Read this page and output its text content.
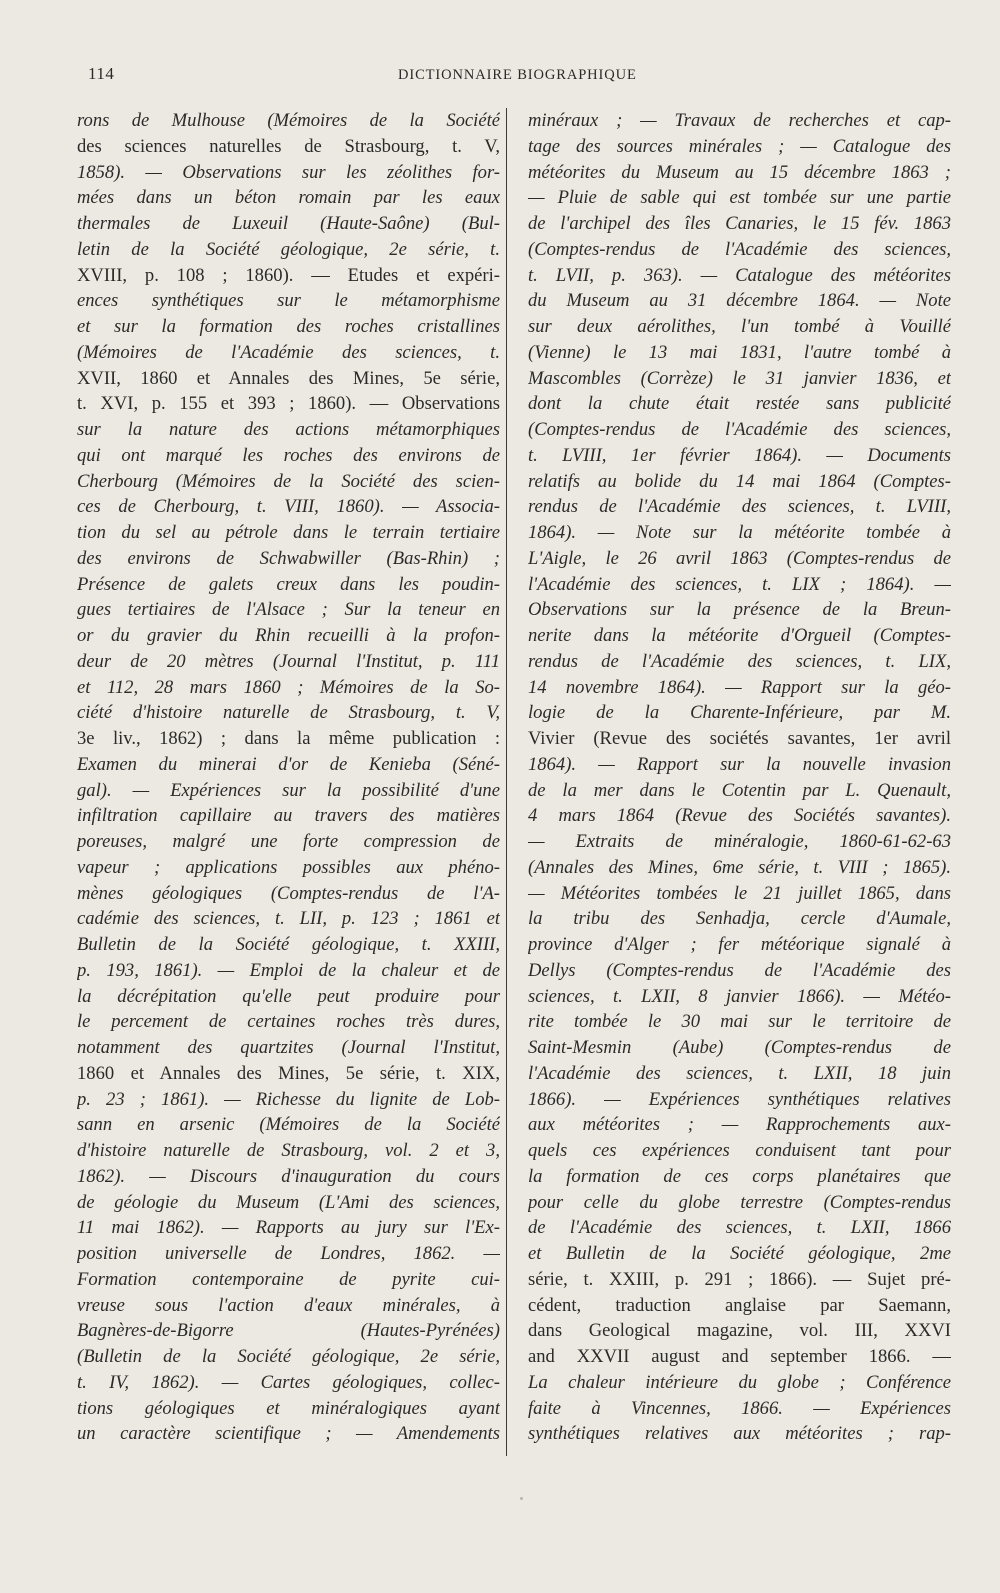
114	DICTIONNAIRE BIOGRAPHIQUE
rons de Mulhouse (Mémoires de la Société
des sciences naturelles de Strasbourg, t. V,
1858). — Observations sur les zéolithes for-
mées dans un béton romain par les eaux
thermales de Luxeuil (Haute-Saône) (Bul-
letin de la Société géologique, 2e série, t.
XVIII, p. 108 ; 1860). — Etudes et expéri-
ences synthétiques sur le métamorphisme
et sur la formation des roches cristallines
(Mémoires de l'Académie des sciences, t.
XVII, 1860 et Annales des Mines, 5e série,
t. XVI, p. 155 et 393 ; 1860). — Observations
sur la nature des actions métamorphiques
qui ont marqué les roches des environs de
Cherbourg (Mémoires de la Société des scien-
ces de Cherbourg, t. VIII, 1860). — Associa-
tion du sel au pétrole dans le terrain tertiaire
des environs de Schwabwiller (Bas-Rhin) ;
Présence de galets creux dans les poudin-
gues tertiaires de l'Alsace ; Sur la teneur en
or du gravier du Rhin recueilli à la profon-
deur de 20 mètres (Journal l'Institut, p. 111
et 112, 28 mars 1860 ; Mémoires de la So-
ciété d'histoire naturelle de Strasbourg, t. V,
3e liv., 1862) ; dans la même publication :
Examen du minerai d'or de Kenieba (Séné-
gal). — Expériences sur la possibilité d'une
infiltration capillaire au travers des matières
poreuses, malgré une forte compression de
vapeur ; applications possibles aux phéno-
mènes géologiques (Comptes-rendus de l'A-
cadémie des sciences, t. LII, p. 123 ; 1861 et
Bulletin de la Société géologique, t. XXIII,
p. 193, 1861). — Emploi de la chaleur et de
la décrépitation qu'elle peut produire pour
le percement de certaines roches très dures,
notamment des quartzites (Journal l'Institut,
1860 et Annales des Mines, 5e série, t. XIX,
p. 23 ; 1861). — Richesse du lignite de Lob-
sann en arsenic (Mémoires de la Société
d'histoire naturelle de Strasbourg, vol. 2 et 3,
1862). — Discours d'inauguration du cours
de géologie du Museum (L'Ami des sciences,
11 mai 1862). — Rapports au jury sur l'Ex-
position universelle de Londres, 1862. —
Formation contemporaine de pyrite cui-
vreuse sous l'action d'eaux minérales, à
Bagnères-de-Bigorre (Hautes-Pyrénées)
(Bulletin de la Société géologique, 2e série,
t. IV, 1862). — Cartes géologiques, collec-
tions géologiques et minéralogiques ayant
un caractère scientifique ; — Amendements
minéraux ; — Travaux de recherches et cap-
tage des sources minérales ; — Catalogue des
météorites du Museum au 15 décembre 1863 ;
— Pluie de sable qui est tombée sur une partie
de l'archipel des îles Canaries, le 15 fév. 1863
(Comptes-rendus de l'Académie des sciences,
t. LVII, p. 363). — Catalogue des météorites
du Museum au 31 décembre 1864. — Note
sur deux aérolithes, l'un tombé à Vouillé
(Vienne) le 13 mai 1831, l'autre tombé à
Mascombles (Corrèze) le 31 janvier 1836, et
dont la chute était restée sans publicité
(Comptes-rendus de l'Académie des sciences,
t. LVIII, 1er février 1864). — Documents
relatifs au bolide du 14 mai 1864 (Comptes-
rendus de l'Académie des sciences, t. LVIII,
1864). — Note sur la météorite tombée à
L'Aigle, le 26 avril 1863 (Comptes-rendus de
l'Académie des sciences, t. LIX ; 1864). —
Observations sur la présence de la Breun-
nerite dans la météorite d'Orgueil (Comptes-
rendus de l'Académie des sciences, t. LIX,
14 novembre 1864). — Rapport sur la géo-
logie de la Charente-Inférieure, par M.
Vivier (Revue des sociétés savantes, 1er avril
1864). — Rapport sur la nouvelle invasion
de la mer dans le Cotentin par L. Quenault,
4 mars 1864 (Revue des Sociétés savantes).
— Extraits de minéralogie, 1860-61-62-63
(Annales des Mines, 6me série, t. VIII ; 1865).
— Météorites tombées le 21 juillet 1865, dans
la tribu des Senhadja, cercle d'Aumale,
province d'Alger ; fer météorique signalé à
Dellys (Comptes-rendus de l'Académie des
sciences, t. LXII, 8 janvier 1866). — Météo-
rite tombée le 30 mai sur le territoire de
Saint-Mesmin (Aube) (Comptes-rendus de
l'Académie des sciences, t. LXII, 18 juin
1866). — Expériences synthétiques relatives
aux météorites ; — Rapprochements aux-
quels ces expériences conduisent tant pour
la formation de ces corps planétaires que
pour celle du globe terrestre (Comptes-rendus
de l'Académie des sciences, t. LXII, 1866
et Bulletin de la Société géologique, 2me
série, t. XXIII, p. 291 ; 1866). — Sujet pré-
cédent, traduction anglaise par Saemann,
dans Geological magazine, vol. III, XXVI
and XXVII august and september 1866. —
La chaleur intérieure du globe ; Conférence
faite à Vincennes, 1866. — Expériences
synthétiques relatives aux météorites ; rap-
